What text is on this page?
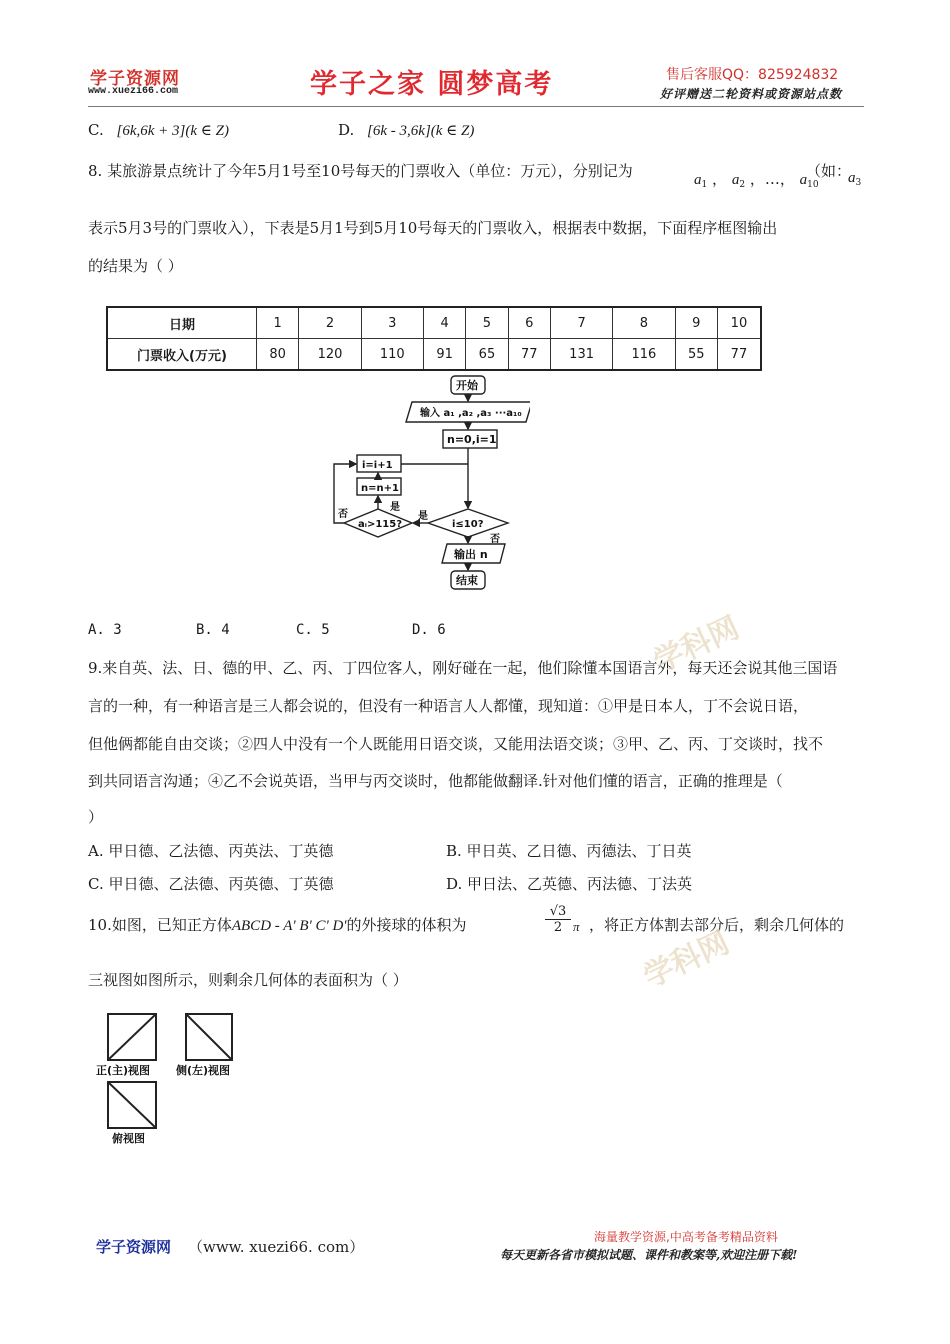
学子资源网
www.xuezi66.com	学子之家 圆梦高考	售后客服QQ：825924832
好评赠送二轮资料或资源站点数
C. [6k,6k + 3](k ∈ Z)	D. [6k - 3,6k](k ∈ Z)
8. 某旅游景点统计了今年5月1号至10号每天的门票收入（单位：万元），分别记为	$a_1$ ， $a_2$ ，…， $a_{10}$
（如：
$a_3$
表示5月3号的门票收入），下表是5月1号到5月10号每天的门票收入，根据表中数据，下面程序框图输出
的结果为（ ）
日期	1	2	3	4	5	6	7	8	9	10
门票收入(万元)	80	120	110	91	65	77	131	116	55	77
开始
输入 a₁ ,a₂ ,a₃ ···a₁₀
n=0,i=1
i≤10?
aᵢ>115?
n=n+1
i=i+1
是
是
否
否
输出 n
结束
A. 3	B. 4	C. 5	D. 6
9.来自英、法、日、德的甲、乙、丙、丁四位客人，刚好碰在一起，他们除懂本国语言外，每天还会说其他三国语
言的一种，有一种语言是三人都会说的，但没有一种语言人人都懂，现知道：①甲是日本人，丁不会说日语，
但他俩都能自由交谈；②四人中没有一个人既能用日语交谈，又能用法语交谈；③甲、乙、丙、丁交谈时，找不
到共同语言沟通；④乙不会说英语，当甲与丙交谈时，他都能做翻译.针对他们懂的语言，正确的推理是（
）
A. 甲日德、乙法德、丙英法、丁英德	B. 甲日英、乙日德、丙德法、丁日英
C. 甲日德、乙法德、丙英德、丁英德	D. 甲日法、乙英德、丙法德、丁法英
10.如图，已知正方体ABCD - A' B' C' D'的外接球的体积为	$\frac{√3}{2}$ π ，将正方体割去部分后，剩余几何体的
三视图如图所示，则剩余几何体的表面积为（ ）
正(主)视图 侧(左)视图
俯视图
学科网
学科网
学子资源网 （www. xuezi66. com）
海量教学资源,中高考备考精品资料
每天更新各省市模拟试题、课件和教案等,欢迎注册下载!
